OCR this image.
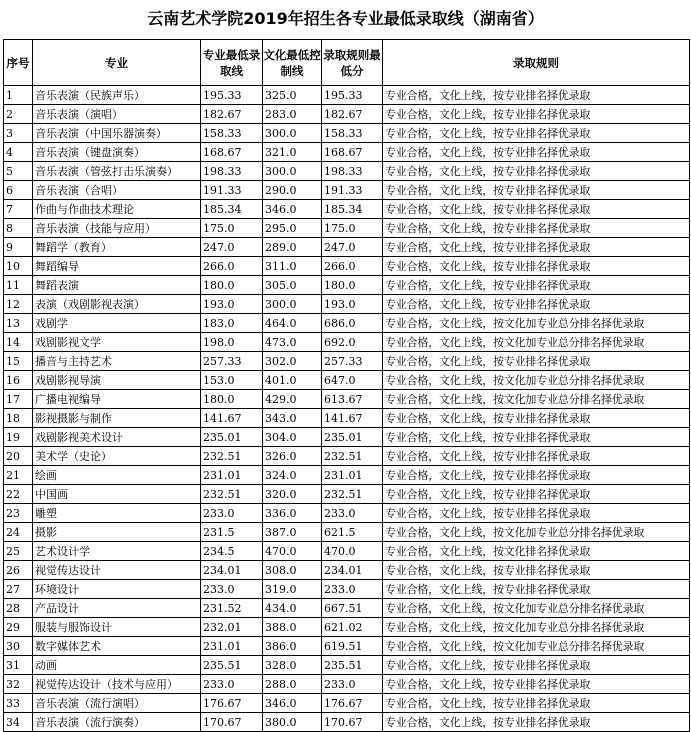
云南艺术学院2019年招生各专业最低录取线（湖南省）
序号	专业	专业最低录取线	文化最低控制线	录取规则最低分	录取规则
1	音乐表演（民族声乐）	195.33	325.0	195.33	专业合格，文化上线，按专业排名择优录取
2	音乐表演（演唱）	182.67	283.0	182.67	专业合格，文化上线，按专业排名择优录取
3	音乐表演（中国乐器演奏）	158.33	300.0	158.33	专业合格，文化上线，按专业排名择优录取
4	音乐表演（键盘演奏）	168.67	321.0	168.67	专业合格，文化上线，按专业排名择优录取
5	音乐表演（管弦打击乐演奏）	198.33	300.0	198.33	专业合格，文化上线，按专业排名择优录取
6	音乐表演（合唱）	191.33	290.0	191.33	专业合格，文化上线，按专业排名择优录取
7	作曲与作曲技术理论	185.34	346.0	185.34	专业合格，文化上线，按专业排名择优录取
8	音乐表演（技能与应用）	175.0	295.0	175.0	专业合格，文化上线，按专业排名择优录取
9	舞蹈学（教育）	247.0	289.0	247.0	专业合格，文化上线，按专业排名择优录取
10	舞蹈编导	266.0	311.0	266.0	专业合格，文化上线，按专业排名择优录取
11	舞蹈表演	180.0	305.0	180.0	专业合格，文化上线，按专业排名择优录取
12	表演（戏剧影视表演）	193.0	300.0	193.0	专业合格，文化上线，按专业排名择优录取
13	戏剧学	183.0	464.0	686.0	专业合格，文化上线，按文化加专业总分排名择优录取
14	戏剧影视文学	198.0	473.0	692.0	专业合格，文化上线，按文化加专业总分排名择优录取
15	播音与主持艺术	257.33	302.0	257.33	专业合格，文化上线，按专业排名择优录取
16	戏剧影视导演	153.0	401.0	647.0	专业合格，文化上线，按文化加专业总分排名择优录取
17	广播电视编导	180.0	429.0	613.67	专业合格，文化上线，按文化加专业总分排名择优录取
18	影视摄影与制作	141.67	343.0	141.67	专业合格，文化上线，按专业排名择优录取
19	戏剧影视美术设计	235.01	304.0	235.01	专业合格，文化上线，按专业排名择优录取
20	美术学（史论）	232.51	326.0	232.51	专业合格，文化上线，按专业排名择优录取
21	绘画	231.01	324.0	231.01	专业合格，文化上线，按专业排名择优录取
22	中国画	232.51	320.0	232.51	专业合格，文化上线，按专业排名择优录取
23	雕塑	233.0	336.0	233.0	专业合格，文化上线，按专业排名择优录取
24	摄影	231.5	387.0	621.5	专业合格，文化上线，按文化加专业总分排名择优录取
25	艺术设计学	234.5	470.0	470.0	专业合格，文化上线，按文化排名择优录取
26	视觉传达设计	234.01	308.0	234.01	专业合格，文化上线，按专业排名择优录取
27	环境设计	233.0	319.0	233.0	专业合格，文化上线，按专业排名择优录取
28	产品设计	231.52	434.0	667.51	专业合格，文化上线，按文化加专业总分排名择优录取
29	服装与服饰设计	232.01	388.0	621.02	专业合格，文化上线，按文化加专业总分排名择优录取
30	数字媒体艺术	231.01	386.0	619.51	专业合格，文化上线，按文化加专业总分排名择优录取
31	动画	235.51	328.0	235.51	专业合格，文化上线，按专业排名择优录取
32	视觉传达设计（技术与应用）	233.0	288.0	233.0	专业合格，文化上线，按专业排名择优录取
33	音乐表演（流行演唱）	176.67	346.0	176.67	专业合格，文化上线，按专业排名择优录取
34	音乐表演（流行演奏）	170.67	380.0	170.67	专业合格，文化上线，按专业排名择优录取
